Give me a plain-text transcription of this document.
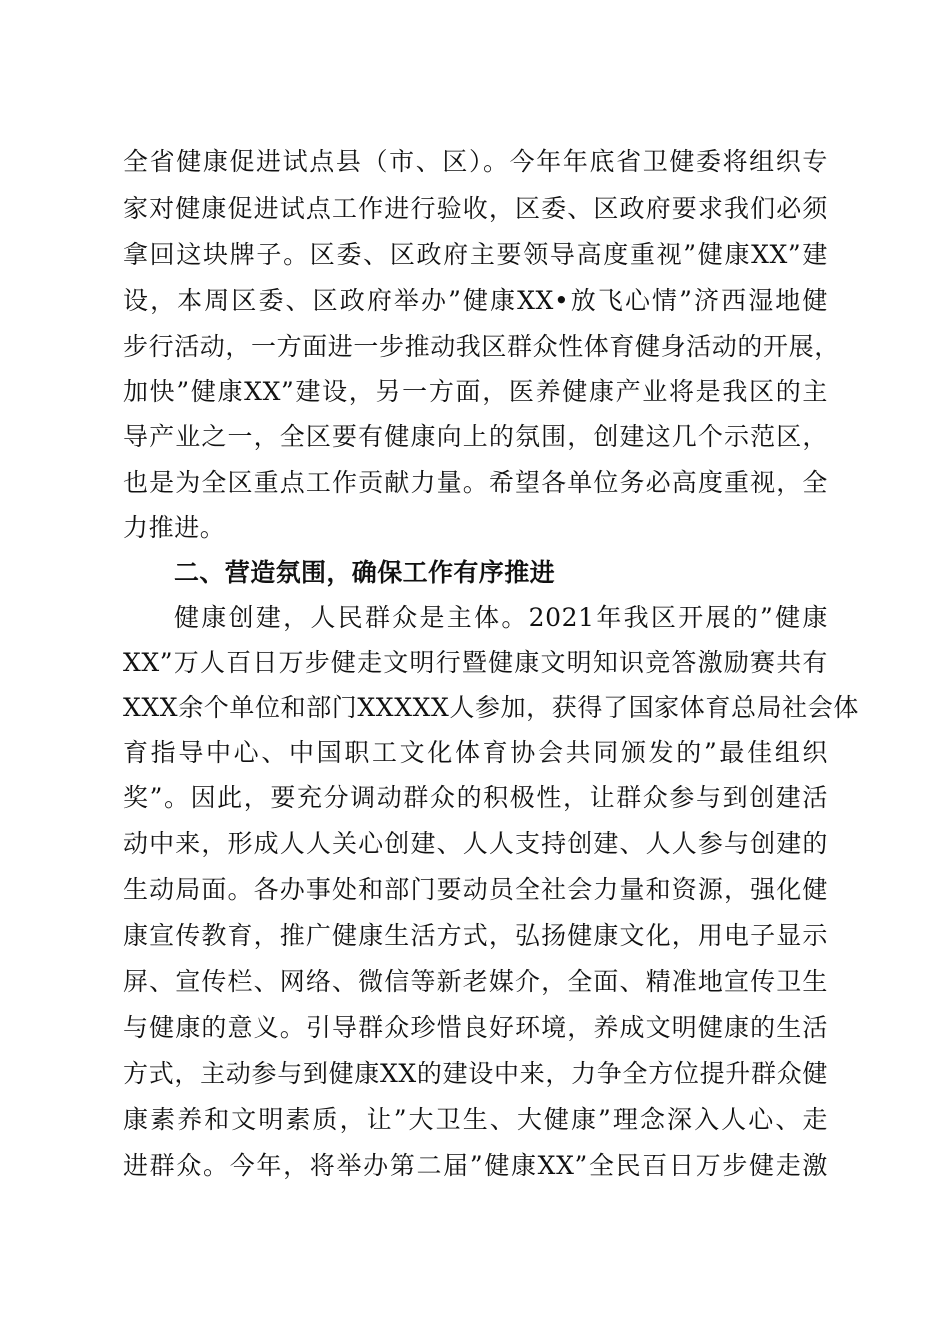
全省健康促进试点县（市、区）。今年年底省卫健委将组织专
家对健康促进试点工作进行验收，区委、区政府要求我们必须
拿回这块牌子。区委、区政府主要领导高度重视”健康XX”建
设，本周区委、区政府举办”健康XX•放飞心情”济西湿地健
步行活动，一方面进一步推动我区群众性体育健身活动的开展，
加快”健康XX”建设，另一方面，医养健康产业将是我区的主
导产业之一，全区要有健康向上的氛围，创建这几个示范区，
也是为全区重点工作贡献力量。希望各单位务必高度重视，全
力推进。
二、营造氛围，确保工作有序推进
健康创建，人民群众是主体。2021年我区开展的”健康
XX”万人百日万步健走文明行暨健康文明知识竞答激励赛共有
XXX余个单位和部门XXXXX人参加，获得了国家体育总局社会体
育指导中心、中国职工文化体育协会共同颁发的”最佳组织
奖”。因此，要充分调动群众的积极性，让群众参与到创建活
动中来，形成人人关心创建、人人支持创建、人人参与创建的
生动局面。各办事处和部门要动员全社会力量和资源，强化健
康宣传教育，推广健康生活方式，弘扬健康文化，用电子显示
屏、宣传栏、网络、微信等新老媒介，全面、精准地宣传卫生
与健康的意义。引导群众珍惜良好环境，养成文明健康的生活
方式，主动参与到健康XX的建设中来，力争全方位提升群众健
康素养和文明素质，让”大卫生、大健康”理念深入人心、走
进群众。今年，将举办第二届”健康XX”全民百日万步健走激
